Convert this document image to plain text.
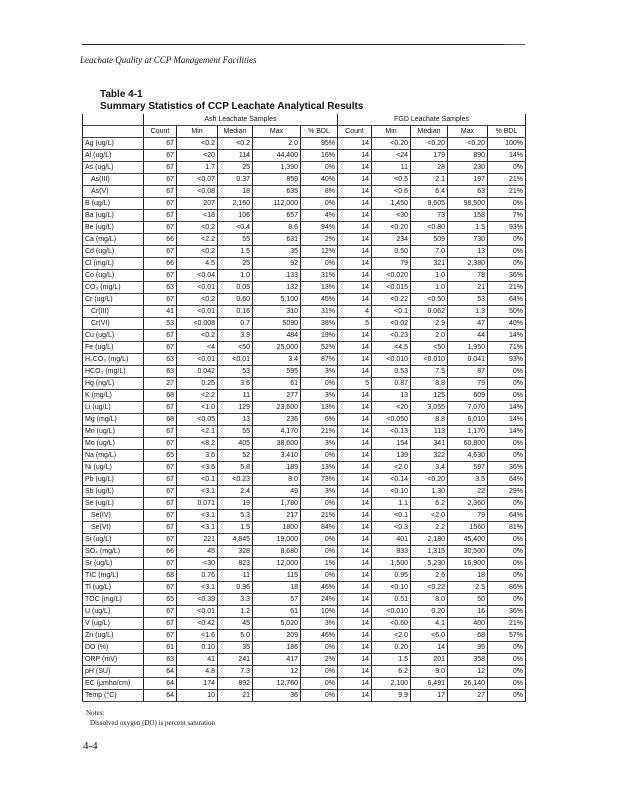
Leachate Quality at CCP Management Facilities
Table 4-1
Summary Statistics of CCP Leachate Analytical Results
	Ash Leachate Samples					FGD Leachate Samples				
	Count	Min	Median	Max	% BDL	Count	Min	Median	Max	% BDL
Ag (ug/L)	67	<0.2	<0.2	2.0	95%	14	<0.20	<0.20	<0.20	100%
Al (ug/L)	67	<20	114	44,400	16%	14	<24	179	890	14%
As (ug/L)	67	1.7	25	1,390	0%	14	11	28	230	0%
As(III)	67	<0.07	0.37	859	40%	14	<0.5	2.1	197	21%
As(V)	67	<0.08	18	635	8%	14	<0.6	6.4	63	21%
B (ug/L)	67	207	2,160	112,000	0%	14	1,450	9,605	98,500	0%
Ba (ug/L)	67	<18	106	657	4%	14	<30	73	158	7%
Be (ug/L)	67	<0.2	<0.4	8.6	94%	14	<0.20	<0.80	1.5	93%
Ca (mg/L)	66	<2.2	55	631	2%	14	234	509	730	0%
Cd (ug/L)	67	<0.2	1.5	35	12%	14	0.50	7.0	13	0%
Cl (mg/L)	66	4.5	25	92	0%	14	79	321	2,380	0%
Co (ug/L)	67	<0.04	1.0	133	31%	14	<0.020	1.0	78	36%
CO₃ (mg/L)	63	<0.01	0.05	132	13%	14	<0.015	1.0	21	21%
Cr (ug/L)	67	<0.2	0.60	5,100	45%	14	<0.22	<0.50	53	64%
Cr(III)	41	<0.01	0.16	310	31%	4	<0.1	0.062	1.3	50%
Cr(VI)	53	<0.008	0.7	5090	38%	5	<0.02	2.9	47	40%
Cu (ug/L)	67	<0.2	3.9	484	19%	14	<0.23	2.0	44	14%
Fe (ug/L)	67	<4	<50	25,000	52%	14	<4.5	<50	1,950	71%
H₂CO₃ (mg/L)	63	<0.01	<0.01	3.4	87%	14	<0.010	<0.010	0.041	93%
HCO₃ (mg/L)	63	0.042	53	595	3%	14	0.53	7.5	87	0%
Hg (ng/L)	27	0.25	3.6	61	0%	5	0.87	8.8	79	0%
K (mg/L)	68	<2.2	11	277	3%	14	13	125	609	0%
Li (ug/L)	67	<1.0	129	23,600	13%	14	<20	3,055	7,070	14%
Mg (mg/L)	68	<0.05	13	236	6%	14	<0.050	8.8	6,010	14%
Mn (ug/L)	67	<2.1	55	4,170	21%	14	<0.13	113	1,170	14%
Mo (ug/L)	67	<8.2	405	38,600	3%	14	154	341	60,800	0%
Na (mg/L)	65	3.6	52	3,410	0%	14	139	322	4,630	0%
Ni (ug/L)	67	<3.6	5.8	189	13%	14	<2.0	3.4	597	36%
Pb (ug/L)	67	<0.1	<0.23	8.0	73%	14	<0.14	<0.20	3.5	64%
Sb (ug/L)	67	<3.1	2.4	49	3%	14	<0.10	1.30	22	29%
Se (ug/L)	67	0.071	19	1,780	0%	14	1.1	6.2	2,360	0%
Se(IV)	67	<3.1	5.3	217	21%	14	<0.1	<2.0	79	64%
Se(VI)	67	<3.1	1.5	1800	84%	14	<0.3	2.2	1560	81%
Si (ug/L)	67	221	4,845	19,000	0%	14	401	2,180	45,400	0%
SO₄ (mg/L)	66	45	328	8,680	0%	14	833	1,315	30,500	0%
Sr (ug/L)	67	<30	823	12,000	1%	14	1,500	5,230	16,900	0%
TIC (mg/L)	68	0.76	11	115	0%	14	0.95	2.6	18	0%
Tl (ug/L)	67	<3.1	0.96	18	46%	14	<0.10	<0.22	2.5	86%
TOC (mg/L)	65	<0.39	3.3	57	24%	14	0.51	8.0	50	0%
U (ug/L)	67	<0.01	1.2	61	10%	14	<0.010	0.20	16	36%
V (ug/L)	67	<0.42	45	5,020	3%	14	<0.60	4.1	400	21%
Zn (ug/L)	67	<1.6	5.0	209	46%	14	<2.0	<6.0	68	57%
DO (%)	61	0.10	35	186	0%	14	0.20	14	95	0%
ORP (mV)	63	41	241	417	2%	14	1.5	201	358	0%
pH (SU)	64	4.8	7.3	12	0%	14	6.2	9.0	12	0%
EC (µmho/cm)	64	174	892	12,760	0%	14	2,100	6,491	26,140	0%
Temp (°C)	64	10	21	36	0%	14	9.9	17	27	0%
Notes:
Dissolved oxygen (DO) is percent saturation
4-4
